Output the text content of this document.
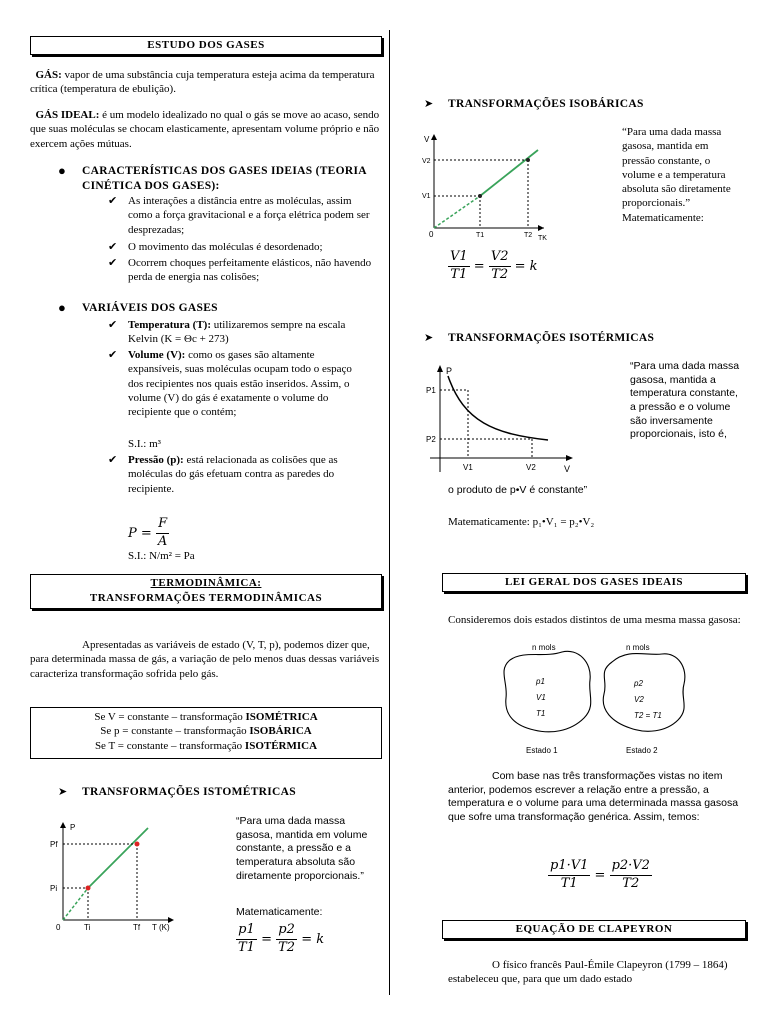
ESTUDO DOS GASES
GÁS: vapor de uma substância cuja temperatura esteja acima da temperatura crítica (temperatura de ebulição).
GÁS IDEAL: é um modelo idealizado no qual o gás se move ao acaso, sendo que suas moléculas se chocam elasticamente, apresentam volume próprio e não exercem ações mútuas.
● CARACTERÍSTICAS DOS GASES IDEIAS (TEORIA CINÉTICA DOS GASES):
✔ As interações a distância entre as moléculas, assim como a força gravitacional e a força elétrica podem ser desprezadas;
✔ O movimento das moléculas é desordenado;
✔ Ocorrem choques perfeitamente elásticos, não havendo perda de energia nas colisões;
● VARIÁVEIS DOS GASES
✔ Temperatura (T): utilizaremos sempre na escala Kelvin (K = Θc + 273)
✔ Volume (V): como os gases são altamente expansíveis, suas moléculas ocupam todo o espaço dos recipientes nos quais estão inseridos. Assim, o volume (V) do gás é exatamente o volume do recipiente que o contém;
S.I.: m³
✔ Pressão (p): está relacionada as colisões que as moléculas do gás efetuam contra as paredes do recipiente.
$P = \frac{F}{A}$
S.I.: N/m² = Pa
TERMODINÂMICA:
TRANSFORMAÇÕES TERMODINÂMICAS
Apresentadas as variáveis de estado (V, T, p), podemos dizer que, para determinada massa de gás, a variação de pelo menos duas dessas variáveis caracteriza transformação sofrida pelo gás.
Se V = constante – transformação ISOMÉTRICA
Se p = constante – transformação ISOBÁRICA
Se T = constante – transformação ISOTÉRMICA
➤ TRANSFORMAÇÕES ISTOMÉTRICAS
P
Pf
Pi
0	Ti	Tf T (K)
“Para uma dada massa gasosa, mantida em volume constante, a pressão e a temperatura absoluta são diretamente proporcionais.”
Matematicamente:
$\frac{p1}{T1} = \frac{p2}{T2} = k$
➤ TRANSFORMAÇÕES ISOBÁRICAS
V
V2
V1
0	T1	T2 TK
“Para uma dada massa gasosa, mantida em pressão constante, o volume e a temperatura absoluta são diretamente proporcionais.” Matematicamente:
$\frac{V1}{T1} = \frac{V2}{T2} = k$
➤ TRANSFORMAÇÕES ISOTÉRMICAS
P
P1
P2
V1	V2	V
“Para uma dada massa gasosa, mantida a temperatura constante, a pressão e o volume são inversamente proporcionais, isto é,
o produto de p•V é constante”
Matematicamente: p₁•V₁ = p₂•V₂
LEI GERAL DOS GASES IDEAIS
Consideremos dois estados distintos de uma mesma massa gasosa:
n mols	n mols
p1
V1
T1
p2
V2
T2 = T1
Estado 1	Estado 2
Com base nas três transformações vistas no item anterior, podemos escrever a relação entre a pressão, a temperatura e o volume para uma determinada massa gasosa que sofre uma transformação genérica. Assim, temos:
$\frac{p1\cdot V1}{T1} = \frac{p2\cdot V2}{T2}$
EQUAÇÃO DE CLAPEYRON
O físico francês Paul-Émile Clapeyron (1799 – 1864) estabeleceu que, para que um dado estado
